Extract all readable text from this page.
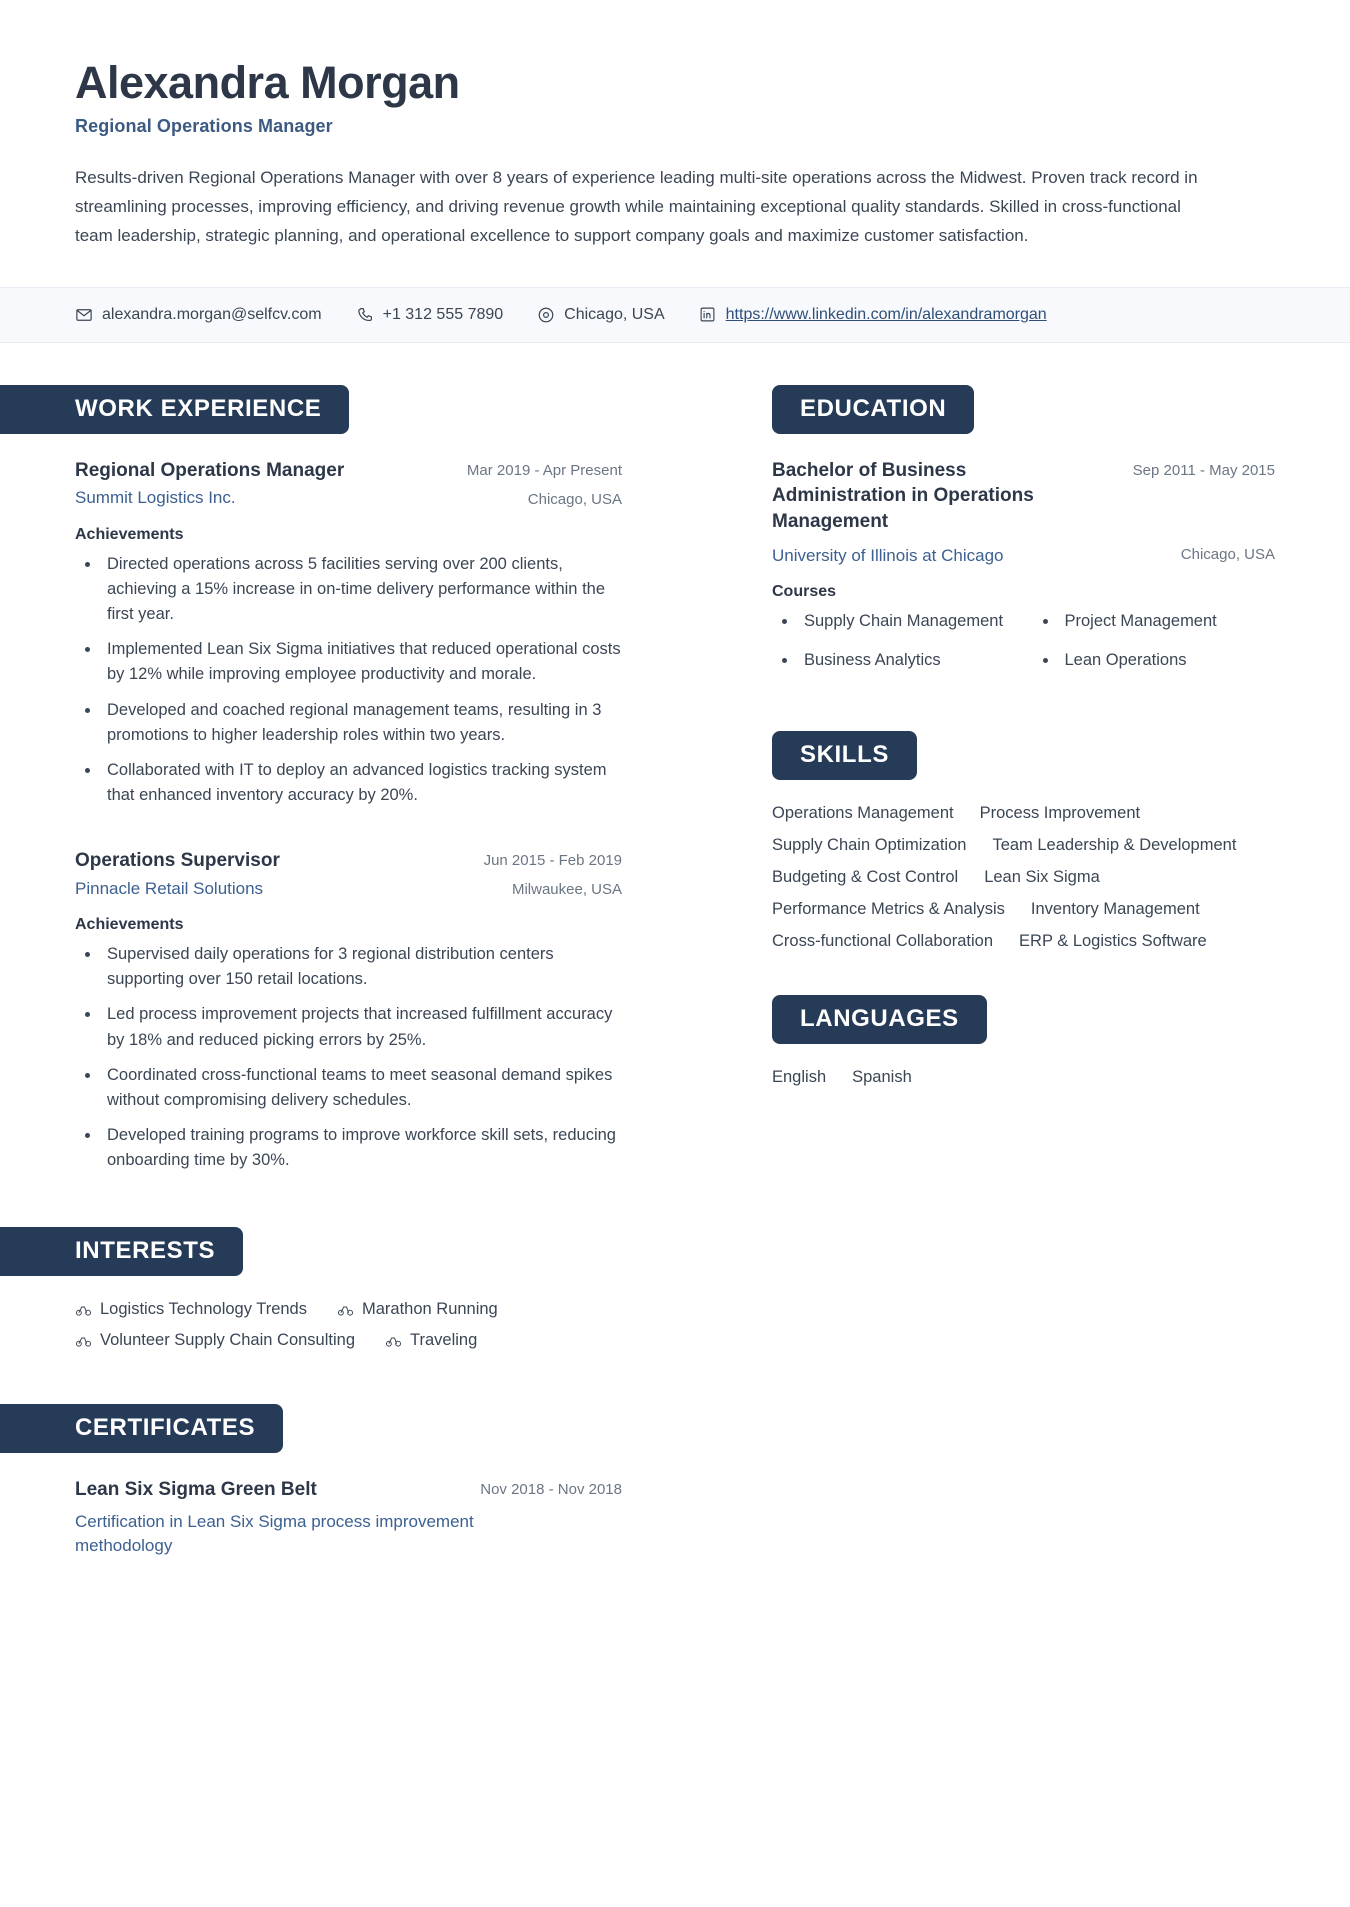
Alexandra Morgan
Regional Operations Manager

Results-driven Regional Operations Manager with over 8 years of experience leading multi-site operations across the Midwest. Proven track record in streamlining processes, improving efficiency, and driving revenue growth while maintaining exceptional quality standards. Skilled in cross-functional team leadership, strategic planning, and operational excellence to support company goals and maximize customer satisfaction.

alexandra.morgan@selfcv.com	+1 312 555 7890	Chicago, USA	https://www.linkedin.com/in/alexandramorgan
WORK EXPERIENCE
Regional Operations Manager
Summit Logistics Inc.
Mar 2019 - Apr Present
Chicago, USA
Achievements
• Directed operations across 5 facilities serving over 200 clients, achieving a 15% increase in on-time delivery performance within the first year.
• Implemented Lean Six Sigma initiatives that reduced operational costs by 12% while improving employee productivity and morale.
• Developed and coached regional management teams, resulting in 3 promotions to higher leadership roles within two years.
• Collaborated with IT to deploy an advanced logistics tracking system that enhanced inventory accuracy by 20%.
Operations Supervisor
Pinnacle Retail Solutions
Jun 2015 - Feb 2019
Milwaukee, USA
Achievements
• Supervised daily operations for 3 regional distribution centers supporting over 150 retail locations.
• Led process improvement projects that increased fulfillment accuracy by 18% and reduced picking errors by 25%.
• Coordinated cross-functional teams to meet seasonal demand spikes without compromising delivery schedules.
• Developed training programs to improve workforce skill sets, reducing onboarding time by 30%.
INTERESTS
Logistics Technology Trends	Marathon Running
Volunteer Supply Chain Consulting	Traveling
CERTIFICATES
Lean Six Sigma Green Belt	Nov 2018 - Nov 2018

Certification in Lean Six Sigma process improvement methodology

EDUCATION
Bachelor of Business Administration in Operations Management
Sep 2011 - May 2015
University of Illinois at Chicago	Chicago, USA
Courses
• Supply Chain Management
• Business Analytics
• Project Management
• Lean Operations
SKILLS
Operations Management Process Improvement
Supply Chain Optimization Team Leadership & Development
Budgeting & Cost Control Lean Six Sigma
Performance Metrics & Analysis Inventory Management
Cross-functional Collaboration ERP & Logistics Software
LANGUAGES
English Spanish
